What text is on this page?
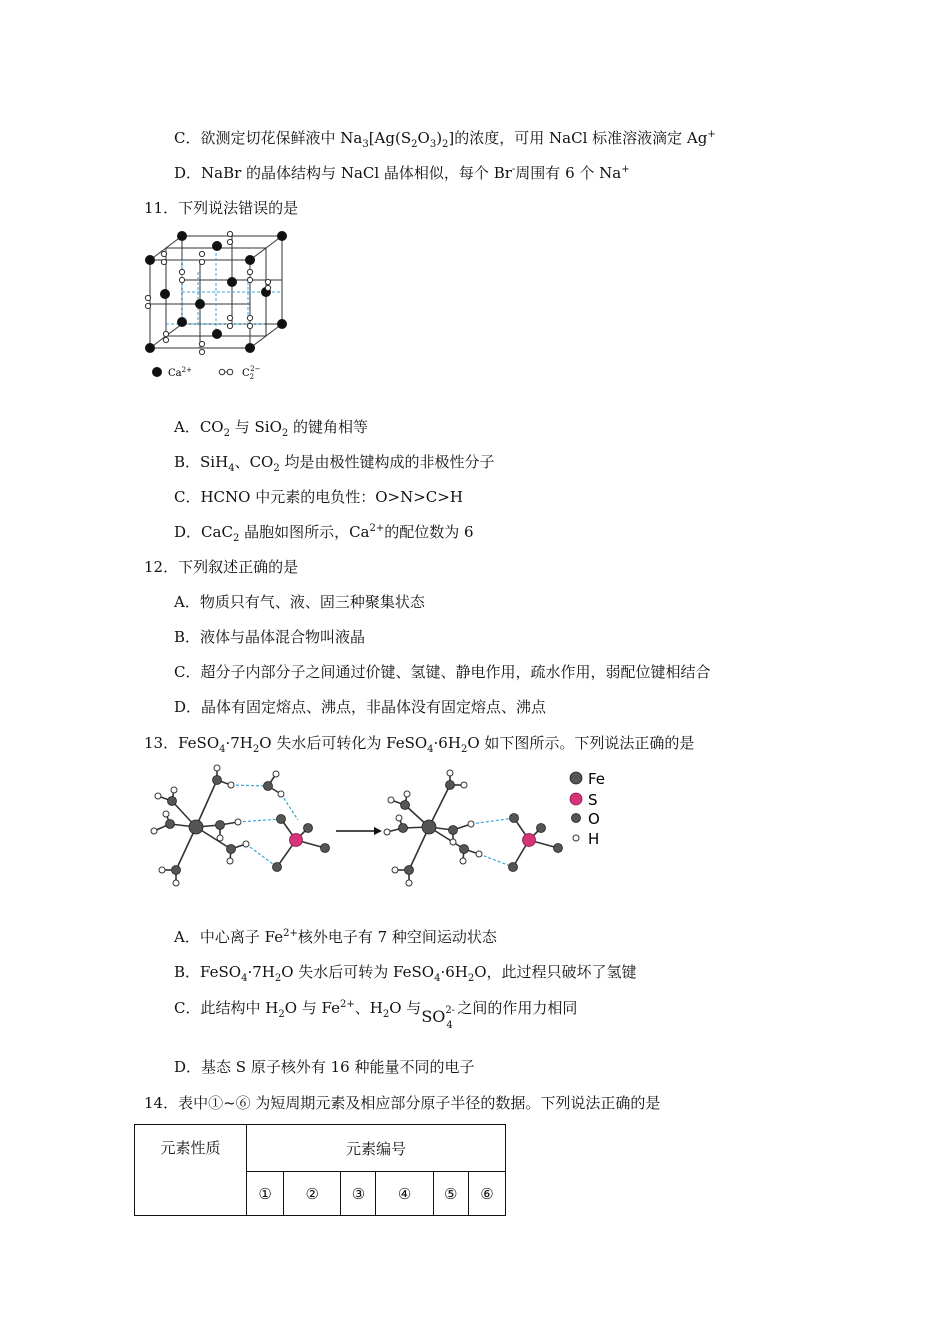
C．欲测定切花保鲜液中 $Na_3[Ag(S_2O_3)_2]$的浓度，可用 NaCl 标准溶液滴定 Ag+
D．NaBr 的晶体结构与 NaCl 晶体相似，每个 Br-周围有 6 个 Na+
11．下列说法错误的是
$Ca^{2+}$	$C_22-$
A．$CO_2$ 与 SiO$_2$ 的键角相等
B．SiH$_4$、$CO_2$ 均是由极性键构成的非极性分子
C．HCNO 中元素的电负性：O>N>C>H
D．CaC$_2$ 晶胞如图所示，$Ca^{2+}$的配位数为 6
12．下列叙述正确的是
A．物质只有气、液、固三种聚集状态
B．液体与晶体混合物叫液晶
C．超分子内部分子之间通过价键、氢键、静电作用，疏水作用，弱配位键相结合
D．晶体有固定熔点、沸点，非晶体没有固定熔点、沸点
13．$FeSO_4\cdot 7H_2O$ 失水后可转化为 $FeSO_4\cdot 6H_2O$ 如下图所示。下列说法正确的是
Fe
S
O
H
A．中心离子 $Fe^{2+}$核外电子有 7 种空间运动状态
B．$FeSO_4\cdot 7H_2O$ 失水后可转为 $FeSO_4\cdot 6H_2O$，此过程只破坏了氢键
C．此结构中 $H_2O$ 与 $Fe^{2+}$、$H_2O$ 与 SO 2-
4
之间的作用力相同
D．基态 S 原子核外有 16 种能量不同的电子
14．表中①~⑥ 为短周期元素及相应部分原子半径的数据。下列说法正确的是
元素性质	元素编号					
	①	②	③	④	⑤	⑥
